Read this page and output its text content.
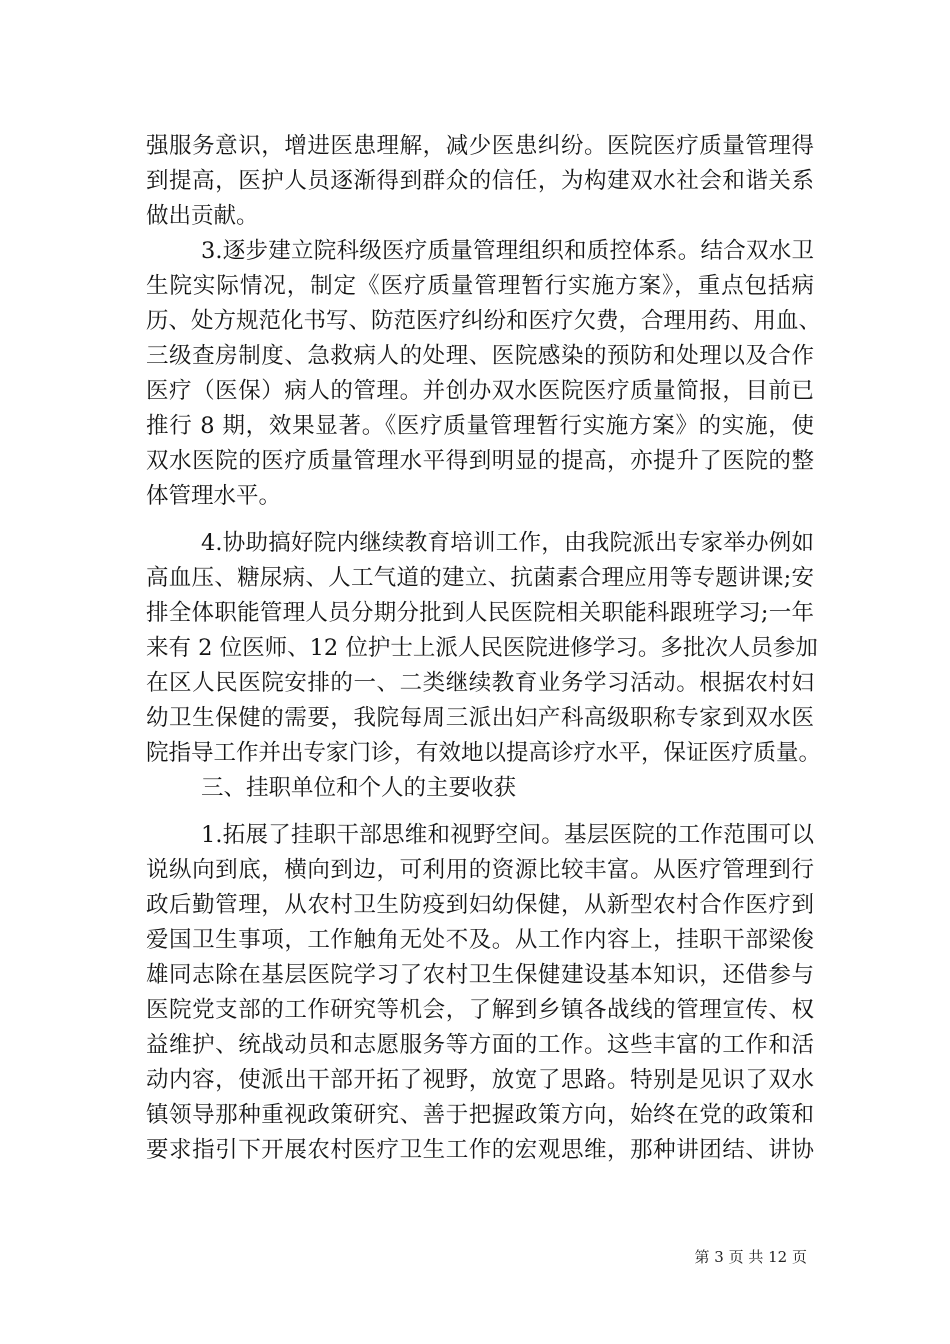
强服务意识，增进医患理解，减少医患纠纷。医院医疗质量管理得
到提高，医护人员逐渐得到群众的信任，为构建双水社会和谐关系
做出贡献。
3.逐步建立院科级医疗质量管理组织和质控体系。结合双水卫
生院实际情况，制定《医疗质量管理暂行实施方案》，重点包括病
历、处方规范化书写、防范医疗纠纷和医疗欠费，合理用药、用血、
三级查房制度、急救病人的处理、医院感染的预防和处理以及合作
医疗（医保）病人的管理。并创办双水医院医疗质量简报，目前已
推行 8 期，效果显著。《医疗质量管理暂行实施方案》的实施，使
双水医院的医疗质量管理水平得到明显的提高，亦提升了医院的整
体管理水平。
4.协助搞好院内继续教育培训工作，由我院派出专家举办例如
高血压、糖尿病、人工气道的建立、抗菌素合理应用等专题讲课;安
排全体职能管理人员分期分批到人民医院相关职能科跟班学习;一年
来有 2 位医师、12 位护士上派人民医院进修学习。多批次人员参加
在区人民医院安排的一、二类继续教育业务学习活动。根据农村妇
幼卫生保健的需要，我院每周三派出妇产科高级职称专家到双水医
院指导工作并出专家门诊，有效地以提高诊疗水平，保证医疗质量。
三、挂职单位和个人的主要收获
1.拓展了挂职干部思维和视野空间。基层医院的工作范围可以
说纵向到底，横向到边，可利用的资源比较丰富。从医疗管理到行
政后勤管理，从农村卫生防疫到妇幼保健，从新型农村合作医疗到
爱国卫生事项，工作触角无处不及。从工作内容上，挂职干部梁俊
雄同志除在基层医院学习了农村卫生保健建设基本知识，还借参与
医院党支部的工作研究等机会，了解到乡镇各战线的管理宣传、权
益维护、统战动员和志愿服务等方面的工作。这些丰富的工作和活
动内容，使派出干部开拓了视野，放宽了思路。特别是见识了双水
镇领导那种重视政策研究、善于把握政策方向，始终在党的政策和
要求指引下开展农村医疗卫生工作的宏观思维，那种讲团结、讲协
第 3 页 共 12 页
